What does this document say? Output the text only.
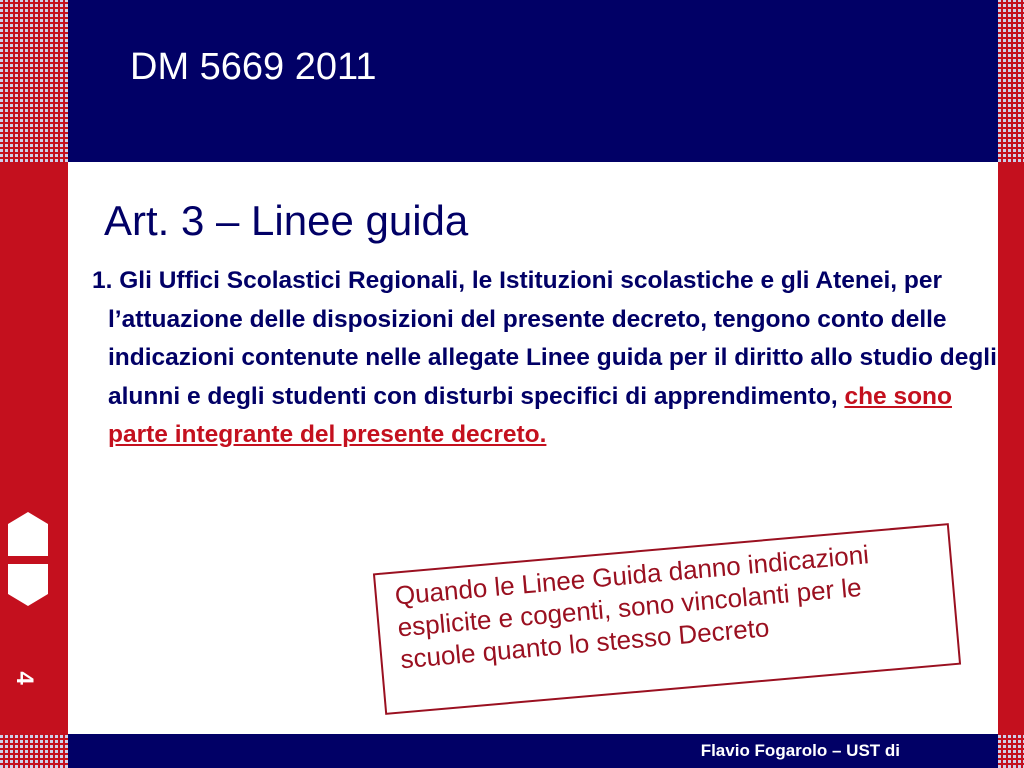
4
DM 5669 2011
Flavio Fogarolo – UST di
Art. 3 – Linee guida

1. Gli Uffici Scolastici Regionali, le Istituzioni scolastiche e gli Atenei, per l’attuazione delle disposizioni del presente decreto, tengono conto delle indicazioni contenute nelle allegate Linee guida per il diritto allo studio degli alunni e degli studenti con disturbi specifici di apprendimento, che sono parte integrante del presente decreto.

Quando le Linee Guida danno indicazioni esplicite e cogenti, sono vincolanti per le scuole quanto lo stesso Decreto
